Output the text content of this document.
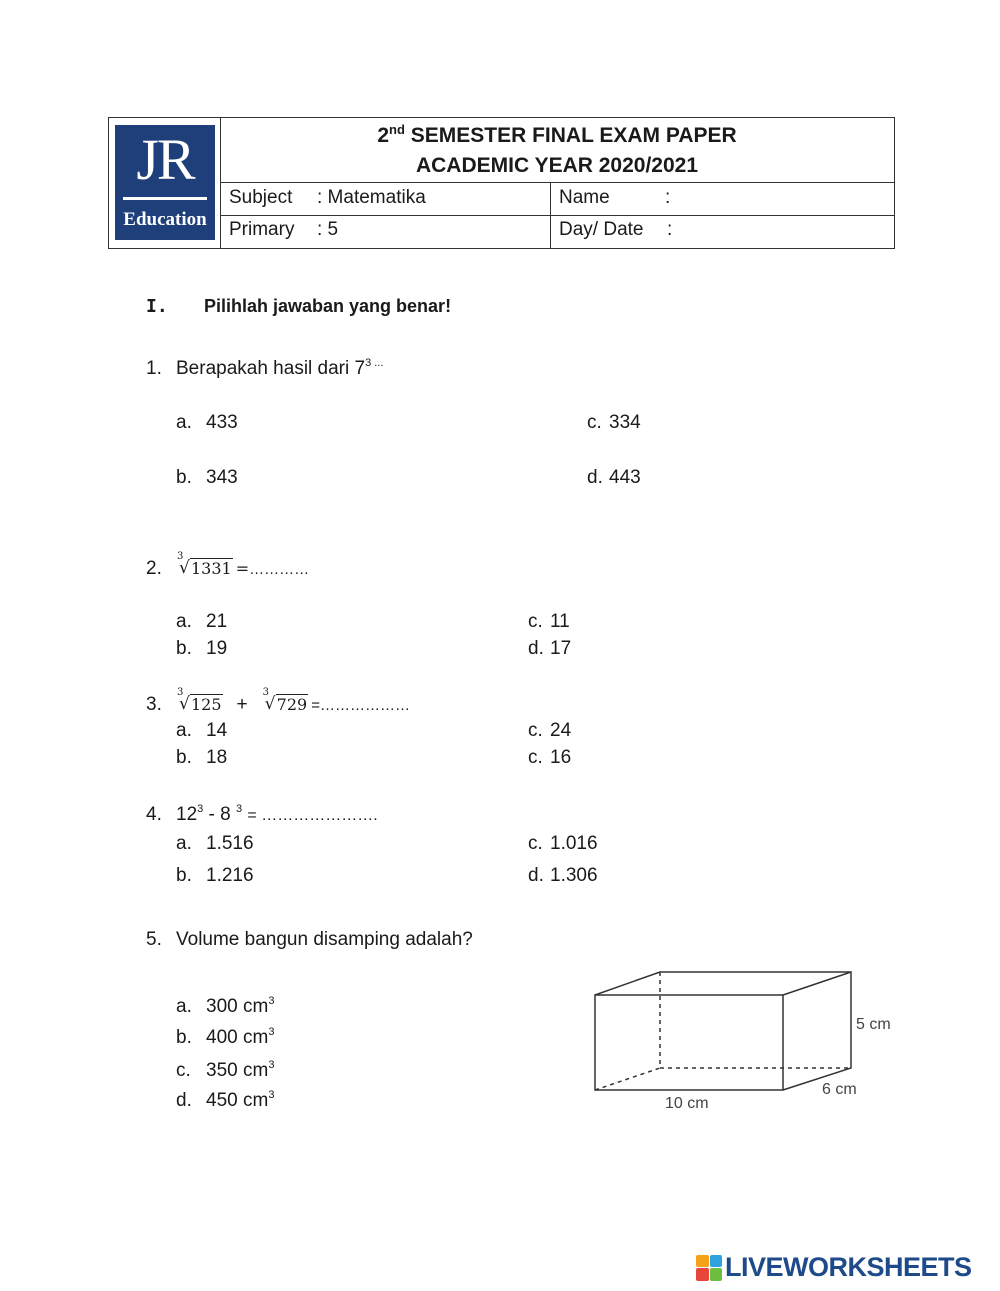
JR
Education
2nd SEMESTER FINAL EXAM PAPER
ACADEMIC YEAR 2020/2021
Subject : Matematika	Name	:
Primary : 5	Day/ Date :
I. Pilihlah jawaban yang benar!
1. Berapakah hasil dari $7^{3 ...}$
a. 433
b. 343
c. 334
d. 443
2.
3
√ 1331 =…………
a. 21
b. 19
c. 11
d. 17
3.
3
√ 125 +
3
√ 729 =………………
a. 14
b. 18
c. 24
c. 16
4. $12^3 - 8$ $^3$ = ………………….
a. 1.516
b. 1.216
c. 1.016
d. 1.306
5. Volume bangun disamping adalah?
a. 300 $cm^3$
b. 400 $cm^3$
c. 350 $cm^3$
d. 450 $cm^3$
5 cm
6 cm
10 cm
LIVEWORKSHEETS
